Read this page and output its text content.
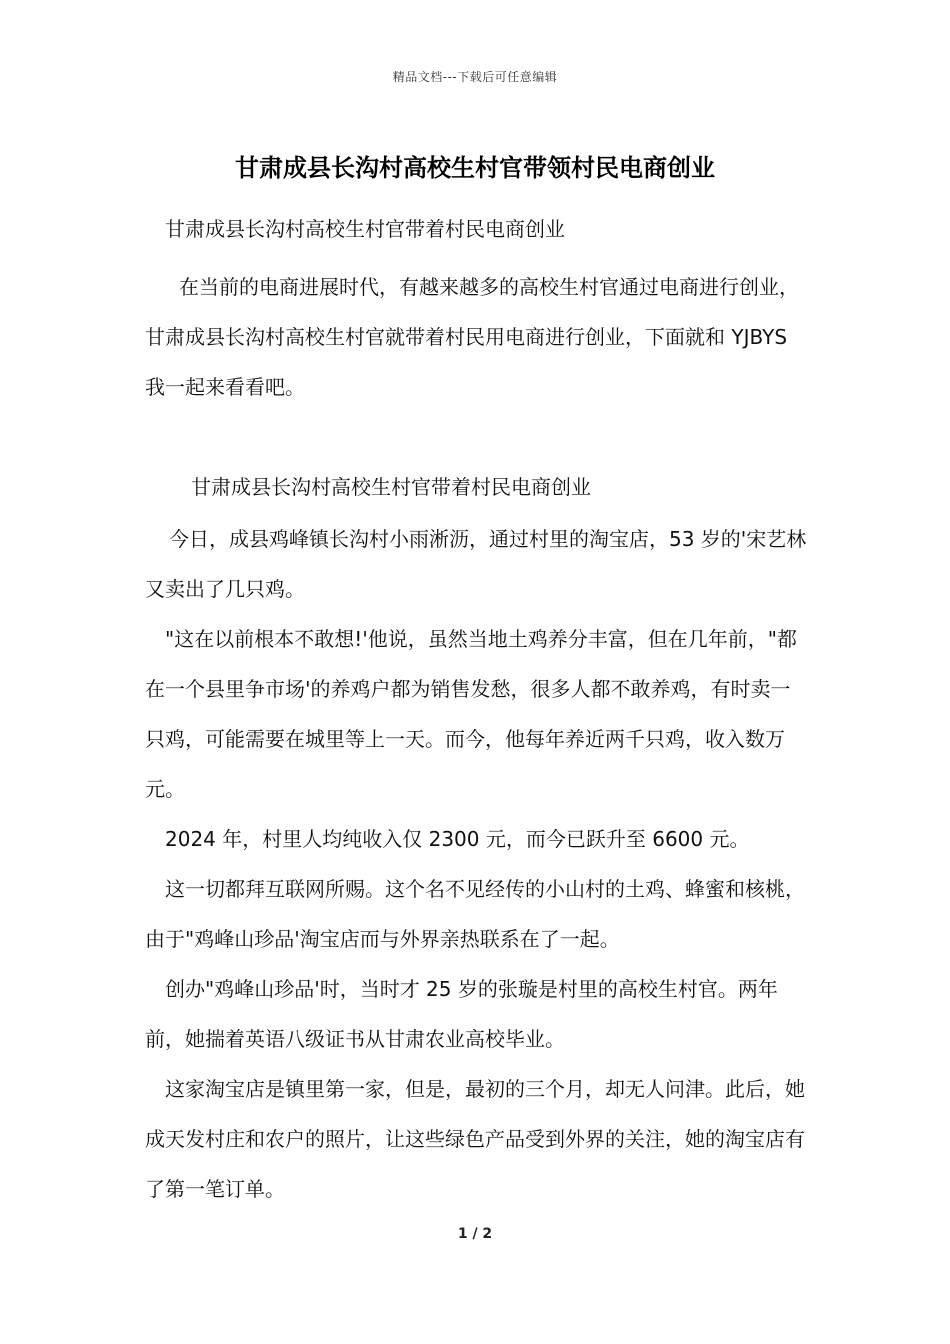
精品文档---下载后可任意编辑
甘肃成县长沟村高校生村官带领村民电商创业

甘肃成县长沟村高校生村官带着村民电商创业

在当前的电商进展时代，有越来越多的高校生村官通过电商进行创业，甘肃成县长沟村高校生村官就带着村民用电商进行创业，下面就和 YJBYS 我一起来看看吧。

甘肃成县长沟村高校生村官带着村民电商创业

今日，成县鸡峰镇长沟村小雨淅沥，通过村里的淘宝店，53 岁的'宋艺林又卖出了几只鸡。

"这在以前根本不敢想!'他说，虽然当地土鸡养分丰富，但在几年前，"都在一个县里争市场'的养鸡户都为销售发愁，很多人都不敢养鸡，有时卖一只鸡，可能需要在城里等上一天。而今，他每年养近两千只鸡，收入数万元。

2024 年，村里人均纯收入仅 2300 元，而今已跃升至 6600 元。

这一切都拜互联网所赐。这个名不见经传的小山村的土鸡、蜂蜜和核桃，由于"鸡峰山珍品'淘宝店而与外界亲热联系在了一起。

创办"鸡峰山珍品'时，当时才 25 岁的张璇是村里的高校生村官。两年前，她揣着英语八级证书从甘肃农业高校毕业。

这家淘宝店是镇里第一家，但是，最初的三个月，却无人问津。此后，她成天发村庄和农户的照片，让这些绿色产品受到外界的关注，她的淘宝店有了第一笔订单。

1 / 2
